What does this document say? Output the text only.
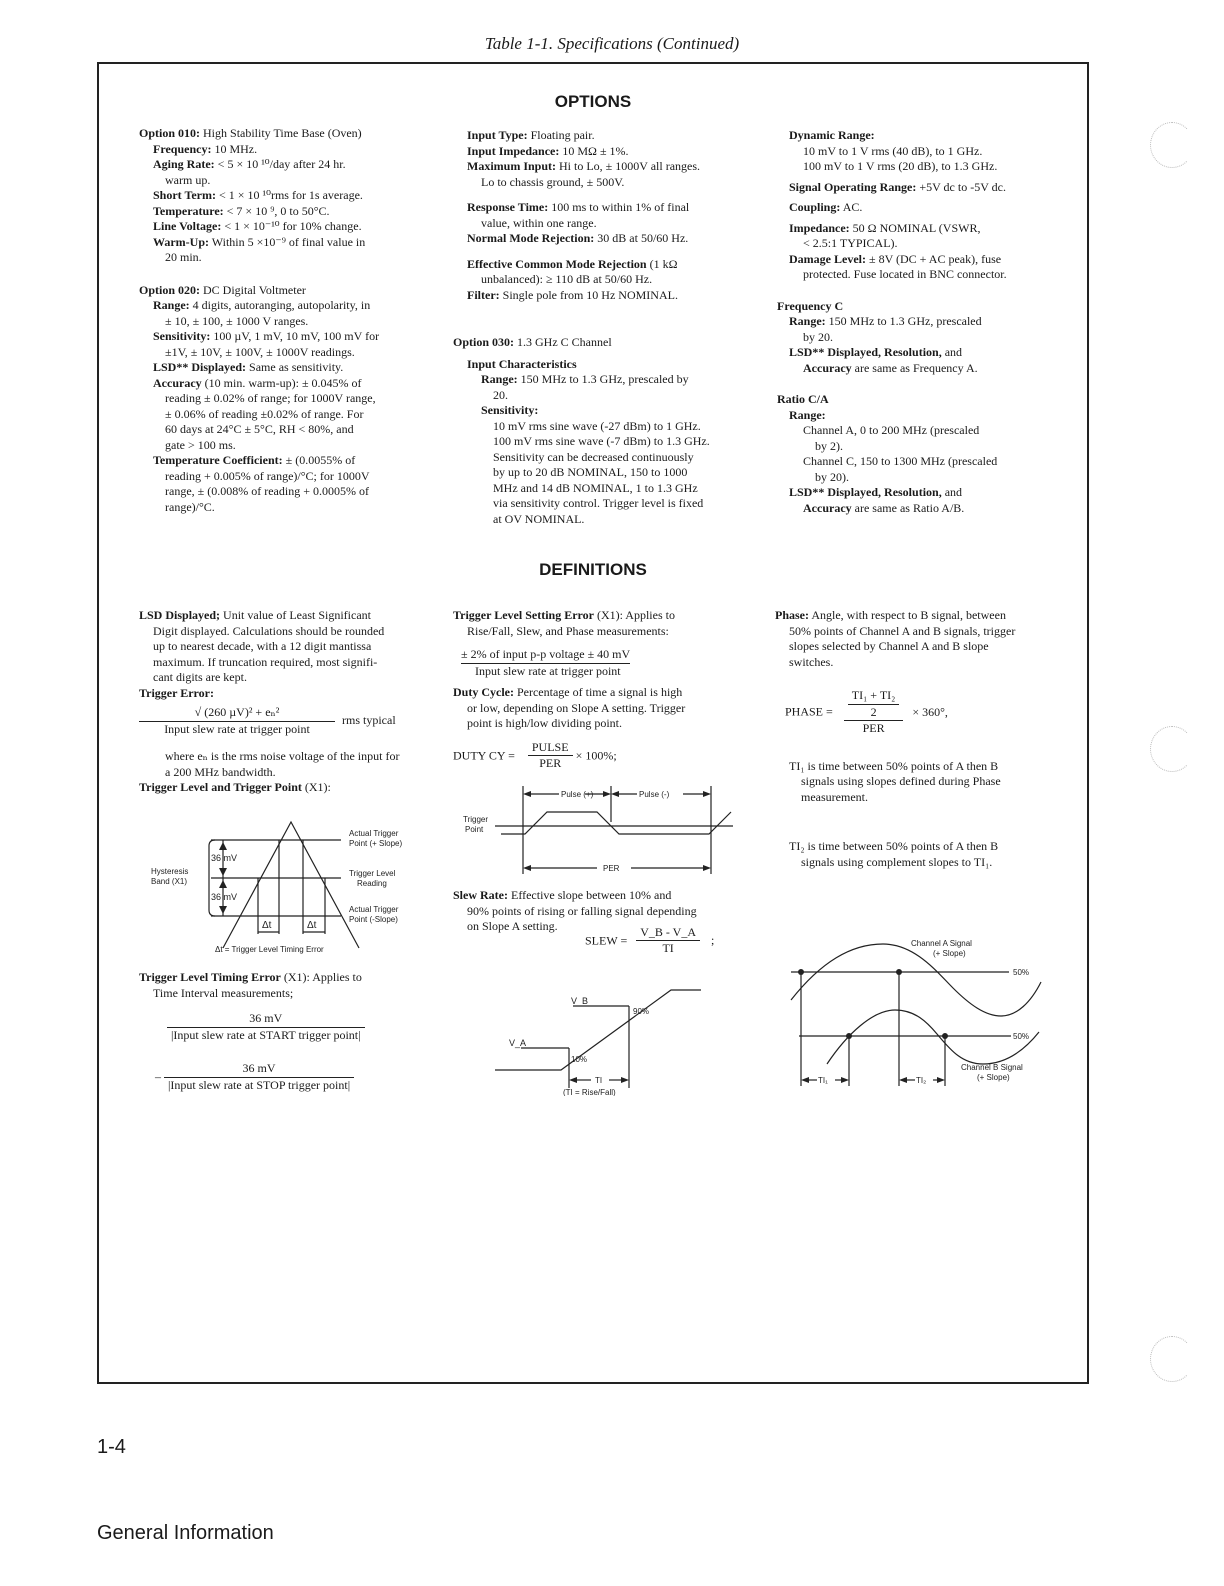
Table 1-1. Specifications (Continued)
OPTIONS

Option 010: High Stability Time Base (Oven)

Frequency: 10 MHz.

Aging Rate: < 5 × 10 ¹⁰/day after 24 hr.

warm up.

Short Term: < 1 × 10 ¹⁰rms for 1s average.

Temperature: < 7 × 10 ⁹, 0 to 50°C.

Line Voltage: < 1 × 10⁻¹⁰ for 10% change.

Warm-Up: Within 5 ×10⁻⁹ of final value in

20 min.

Option 020: DC Digital Voltmeter

Range: 4 digits, autoranging, autopolarity, in

± 10, ± 100, ± 1000 V ranges.

Sensitivity: 100 µV, 1 mV, 10 mV, 100 mV for

±1V, ± 10V, ± 100V, ± 1000V readings.

LSD** Displayed: Same as sensitivity.

Accuracy (10 min. warm-up): ± 0.045% of

reading ± 0.02% of range; for 1000V range,

± 0.06% of reading ±0.02% of range. For

60 days at 24°C ± 5°C, RH < 80%, and

gate > 100 ms.

Temperature Coefficient: ± (0.0055% of

reading + 0.005% of range)/°C; for 1000V

range, ± (0.008% of reading + 0.0005% of

range)/°C.

Input Type: Floating pair.

Input Impedance: 10 MΩ ± 1%.

Maximum Input: Hi to Lo, ± 1000V all ranges.

Lo to chassis ground, ± 500V.

Response Time: 100 ms to within 1% of final

value, within one range.

Normal Mode Rejection: 30 dB at 50/60 Hz.

Effective Common Mode Rejection (1 kΩ

unbalanced): ≥ 110 dB at 50/60 Hz.

Filter: Single pole from 10 Hz NOMINAL.

Option 030: 1.3 GHz C Channel

Input Characteristics

Range: 150 MHz to 1.3 GHz, prescaled by

20.

Sensitivity:

10 mV rms sine wave (-27 dBm) to 1 GHz.

100 mV rms sine wave (-7 dBm) to 1.3 GHz.

Sensitivity can be decreased continuously

by up to 20 dB NOMINAL, 150 to 1000

MHz and 14 dB NOMINAL, 1 to 1.3 GHz

via sensitivity control. Trigger level is fixed

at OV NOMINAL.

Dynamic Range:

10 mV to 1 V rms (40 dB), to 1 GHz.

100 mV to 1 V rms (20 dB), to 1.3 GHz.

Signal Operating Range: +5V dc to -5V dc.

Coupling: AC.

Impedance: 50 Ω NOMINAL (VSWR,

< 2.5:1 TYPICAL).

Damage Level: ± 8V (DC + AC peak), fuse

protected. Fuse located in BNC connector.

Frequency C

Range: 150 MHz to 1.3 GHz, prescaled

by 20.

LSD** Displayed, Resolution, and

Accuracy are same as Frequency A.

Ratio C/A

Range:

Channel A, 0 to 200 MHz (prescaled

by 2).

Channel C, 150 to 1300 MHz (prescaled

by 20).

LSD** Displayed, Resolution, and

Accuracy are same as Ratio A/B.

DEFINITIONS

LSD Displayed; Unit value of Least Significant

Digit displayed. Calculations should be rounded

up to nearest decade, with a 12 digit mantissa

maximum. If truncation required, most signifi-

cant digits are kept.

Trigger Error:

$\frac{\text{√ (260 µV)² + eₙ²}}{\text{Input slew rate at trigger point}}$ rms typical

where eₙ is the rms noise voltage of the input for

a 200 MHz bandwidth.

Trigger Level and Trigger Point (X1):

Actual Trigger
Point (+ Slope)
36 mV
Hysteresis
Band (X1)
Trigger Level
Reading
36 mV
Actual Trigger
Point (-Slope)
Δt	Δt
Δt = Trigger Level Timing Error

Trigger Level Timing Error (X1): Applies to

Time Interval measurements;

$\frac{36 mV}{\text{|Input slew rate at START trigger point|}}$
– $\frac{36 mV}{\text{|Input slew rate at STOP trigger point|}}$

Trigger Level Setting Error (X1): Applies to

Rise/Fall, Slew, and Phase measurements:

$\frac{\text{± 2\% of input p-p voltage ± 40 mV}}{\text{Input slew rate at trigger point}}$

Duty Cycle: Percentage of time a signal is high

or low, depending on Slope A setting. Trigger

point is high/low dividing point.

DUTY CY = $\frac{\text{PULSE}}{\text{PER}} \times 100\%$;
Pulse (+)	Pulse (-)
Trigger
Point
PER

Slew Rate: Effective slope between 10% and

90% points of rising or falling signal depending

on Slope A setting.

SLEW = $\frac{V\_B - V\_A}{TI}$ ;
V_B
V_A
90%
10%
TI
(TI = Rise/Fall)

Phase: Angle, with respect to B signal, between

50% points of Channel A and B signals, trigger

slopes selected by Channel A and B slope

switches.

PHASE = $\frac{\frac{\text{TI₁ + TI₂}}{2}}{\text{PER}} \times 360^\circ$,

TI₁ is time between 50% points of A then B

signals using slopes defined during Phase

measurement.

TI₂ is time between 50% points of A then B

signals using complement slopes to TI₁.

Channel A Signal
(+ Slope)
50%
50%
TI₁	TI₂
Channel B Signal
(+ Slope)
1-4
General Information
